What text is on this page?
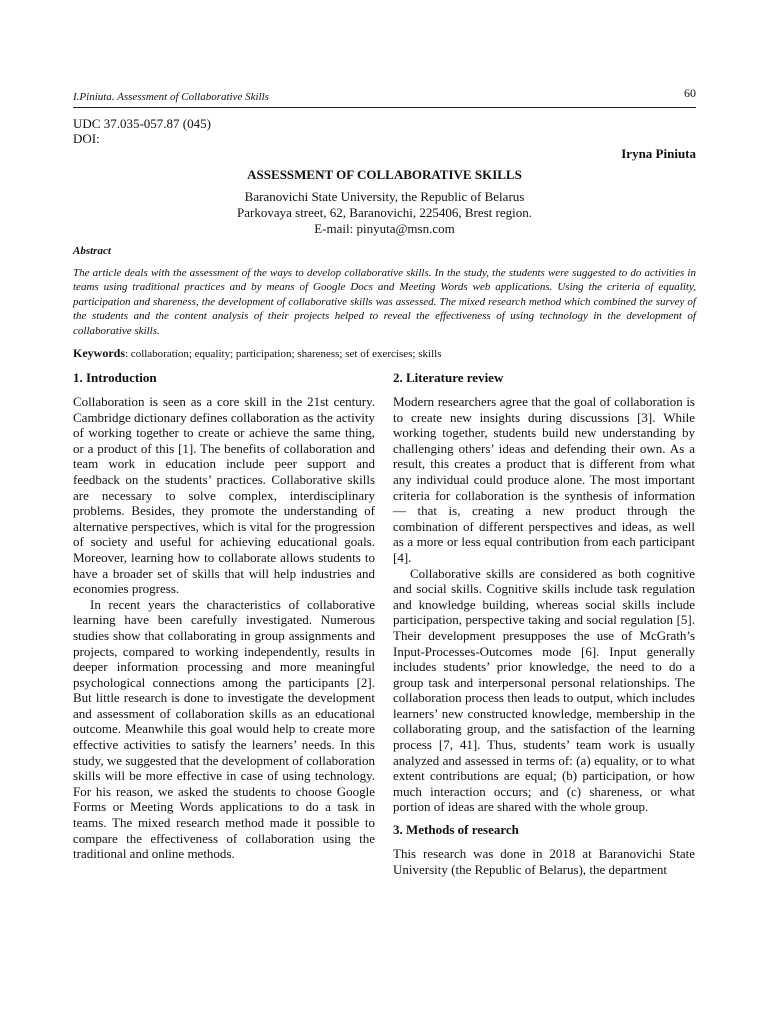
I.Piniuta. Assessment of Collaborative Skills	60
UDC 37.035-057.87 (045)
DOI:
Iryna Piniuta
ASSESSMENT OF COLLABORATIVE SKILLS
Baranovichi State University, the Republic of Belarus
Parkovaya street, 62, Baranovichi, 225406, Brest region.
E-mail: pinyuta@msn.com
Abstract
The article deals with the assessment of the ways to develop collaborative skills. In the study, the students were suggested to do activities in teams using traditional practices and by means of Google Docs and Meeting Words web applications. Using the criteria of equality, participation and shareness, the development of collaborative skills was assessed. The mixed research method which combined the survey of the students and the content analysis of their projects helped to reveal the effectiveness of using technology in the development of collaborative skills.
Keywords: collaboration; equality; participation; shareness; set of exercises; skills
1. Introduction

Collaboration is seen as a core skill in the 21st century. Cambridge dictionary defines collaboration as the activity of working together to create or achieve the same thing, or a product of this [1]. The benefits of collaboration and team work in education include peer support and feedback on the students’ practices. Collaborative skills are necessary to solve complex, interdisciplinary problems. Besides, they promote the understanding of alternative perspectives, which is vital for the progression of society and useful for achieving educational goals. Moreover, learning how to collaborate allows students to have a broader set of skills that will help industries and economies progress.

In recent years the characteristics of collaborative learning have been carefully investigated. Numerous studies show that collaborating in group assignments and projects, compared to working independently, results in deeper information processing and more meaningful psychological connections among the participants [2]. But little research is done to investigate the development and assessment of collaboration skills as an educational outcome. Meanwhile this goal would help to create more effective activities to satisfy the learners’ needs. In this study, we suggested that the development of collaboration skills will be more effective in case of using technology. For his reason, we asked the students to choose Google Forms or Meeting Words applications to do a task in teams. The mixed research method made it possible to compare the effectiveness of collaboration using the traditional and online methods.

2. Literature review

Modern researchers agree that the goal of collaboration is to create new insights during discussions [3]. While working together, students build new understanding by challenging others’ ideas and defending their own. As a result, this creates a product that is different from what any individual could produce alone. The most important criteria for collaboration is the synthesis of information — that is, creating a new product through the combination of different perspectives and ideas, as well as a more or less equal contribution from each participant [4].

Collaborative skills are considered as both cognitive and social skills. Cognitive skills include task regulation and knowledge building, whereas social skills include participation, perspective taking and social regulation [5]. Their development presupposes the use of McGrath’s Input-Processes-Outcomes mode [6]. Input generally includes students’ prior knowledge, the need to do a group task and interpersonal personal relationships. The collaboration process then leads to output, which includes learners’ new constructed knowledge, membership in the collaborating group, and the satisfaction of the learning process [7, 41]. Thus, students’ team work is usually analyzed and assessed in terms of: (a) equality, or to what extent contributions are equal; (b) participation, or how much interaction occurs; and (c) shareness, or what portion of ideas are shared with the whole group.

3. Methods of research

This research was done in 2018 at Baranovichi State University (the Republic of Belarus), the department
